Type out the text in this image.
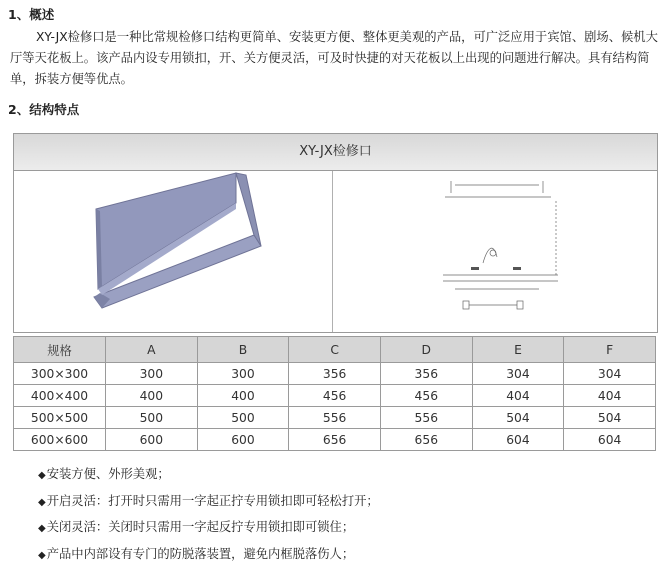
1、概述
XY-JX检修口是一种比常规检修口结构更简单、安装更方便、整体更美观的产品，可广泛应用于宾馆、剧场、候机大厅等天花板上。该产品内设专用锁扣，开、关方便灵活，可及时快捷的对天花板以上出现的问题进行解决。具有结构简单，拆装方便等优点。
2、结构特点
XY-JX检修口
规格	A	B	C	D	E	F
300×300	300	300	356	356	304	304
400×400	400	400	456	456	404	404
500×500	500	500	556	556	504	504
600×600	600	600	656	656	604	604
◆安装方便、外形美观；
◆开启灵活：打开时只需用一字起正拧专用锁扣即可轻松打开；
◆关闭灵活：关闭时只需用一字起反拧专用锁扣即可锁住；
◆产品中内部设有专门的防脱落装置，避免内框脱落伤人；
